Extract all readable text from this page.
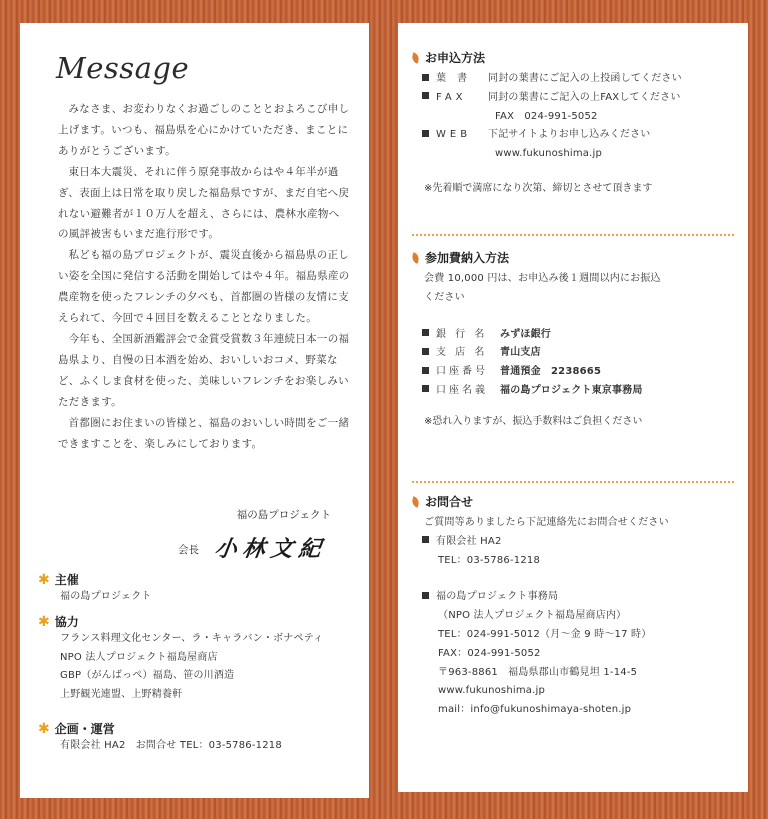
Message

みなさま、お変わりなくお過ごしのこととおよろこび申し上げます。いつも、福島県を心にかけていただき、まことにありがとうございます。

東日本大震災、それに伴う原発事故からはや４年半が過ぎ、表面上は日常を取り戻した福島県ですが、まだ自宅へ戻れない避難者が１０万人を超え、さらには、農林水産物への風評被害もいまだ進行形です。

私ども福の島プロジェクトが、震災直後から福島県の正しい姿を全国に発信する活動を開始してはや４年。福島県産の農産物を使ったフレンチの夕べも、首都圏の皆様の友情に支えられて、今回で４回目を数えることとなりました。

今年も、全国新酒鑑評会で金賞受賞数３年連続日本一の福島県より、自慢の日本酒を始め、おいしいおコメ、野菜など、ふくしま食材を使った、美味しいフレンチをお楽しみいただきます。

首都圏にお住まいの皆様と、福島のおいしい時間をご一緒できますことを、楽しみにしております。

福の島プロジェクト
会長 小林文紀
✱ 主催
福の島プロジェクト
✱ 協力
フランス料理文化センター、ラ・キャラバン・ボナペティ
NPO 法人プロジェクト福島屋商店
GBP（がんばっぺ）福島、笹の川酒造
上野観光連盟、上野精養軒
✱ 企画・運営
有限会社 HA2　お問合せ TEL：03-5786-1218
お申込方法
葉 書 同封の葉書にご記入の上投函してください
FAX 同封の葉書にご記入の上FAXしてください
FAX　024-991-5052
WEB 下記サイトよりお申し込みください
www.fukunoshima.jp
※先着順で満席になり次第、締切とさせて頂きます
参加費納入方法
会費 10,000 円は、お申込み後１週間以内にお振込
ください
銀 行 名 みずほ銀行
支 店 名 青山支店
口座番号 普通預金　2238665
口座名義 福の島プロジェクト東京事務局
※恐れ入りますが、振込手数料はご負担ください
お問合せ
ご質問等ありましたら下記連絡先にお問合せください
有限会社 HA2
TEL：03-5786-1218
福の島プロジェクト事務局
（NPO 法人プロジェクト福島屋商店内）
TEL：024-991-5012（月～金 9 時～17 時）
FAX：024-991-5052
〒963-8861　福島県郡山市鶴見坦 1-14-5
www.fukunoshima.jp
mail：info@fukunoshimaya-shoten.jp
